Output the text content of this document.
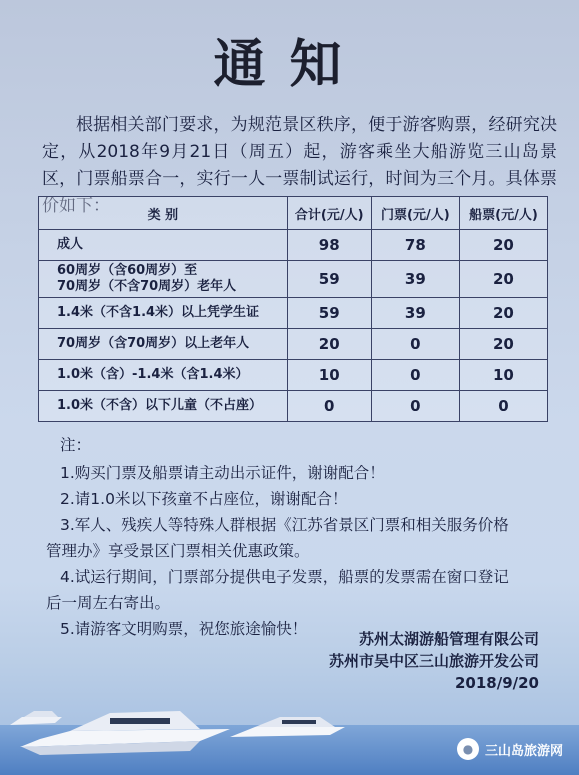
通知

根据相关部门要求，为规范景区秩序，便于游客购票，经研究决定，从2018年9月21日（周五）起，游客乘坐大船游览三山岛景区，门票船票合一，实行一人一票制试运行，时间为三个月。具体票价如下：	类 别	合计(元/人)	门票(元/人)	船票(元/人)
成人	98	78	20
60周岁（含60周岁）至
70周岁（不含70周岁）老年人	59	39	20
1.4米（不含1.4米）以上凭学生证	59	39	20
70周岁（含70周岁）以上老年人	20	0	20
1.0米（含）-1.4米（含1.4米）	10	0	10
1.0米（不含）以下儿童（不占座）	0	0	0
注：
1.购买门票及船票请主动出示证件，谢谢配合！
2.请1.0米以下孩童不占座位，谢谢配合！
3.军人、残疾人等特殊人群根据《江苏省景区门票和相关服务价格
管理办》享受景区门票相关优惠政策。
4.试运行期间，门票部分提供电子发票，船票的发票需在窗口登记
后一周左右寄出。
5.请游客文明购票，祝您旅途愉快！
苏州太湖游船管理有限公司
苏州市吴中区三山旅游开发公司
2018/9/20
● 三山岛旅游网
